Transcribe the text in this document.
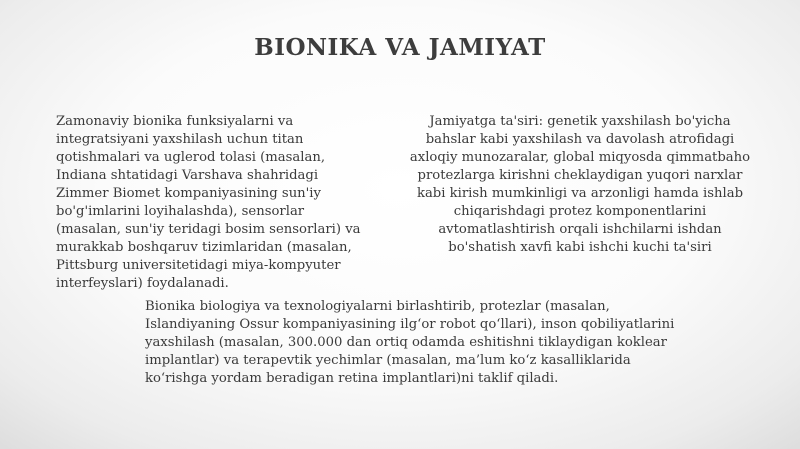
BIONIKA VA JAMIYAT

Zamonaviy bionika funksiyalarni va integratsiyani yaxshilash uchun titan qotishmalari va uglerod tolasi (masalan, Indiana shtatidagi Varshava shahridagi Zimmer Biomet kompaniyasining sun'iy bo'g'imlarini loyihalashda), sensorlar (masalan, sun'iy teridagi bosim sensorlari) va murakkab boshqaruv tizimlaridan (masalan, Pittsburg universitetidagi miya-kompyuter interfeyslari) foydalanadi.

Jamiyatga ta'siri: genetik yaxshilash bo'yicha bahslar kabi yaxshilash va davolash atrofidagi axloqiy munozaralar, global miqyosda qimmatbaho protezlarga kirishni cheklaydigan yuqori narxlar kabi kirish mumkinligi va arzonligi hamda ishlab chiqarishdagi protez komponentlarini avtomatlashtirish orqali ishchilarni ishdan bo'shatish xavfi kabi ishchi kuchi ta'siri

Bionika biologiya va texnologiyalarni birlashtirib, protezlar (masalan, Islandiyaning Ossur kompaniyasining ilg‘or robot qo‘llari), inson qobiliyatlarini yaxshilash (masalan, 300.000 dan ortiq odamda eshitishni tiklaydigan koklear implantlar) va terapevtik yechimlar (masalan, ma’lum ko‘z kasalliklarida ko‘rishga yordam beradigan retina implantlari)ni taklif qiladi.
